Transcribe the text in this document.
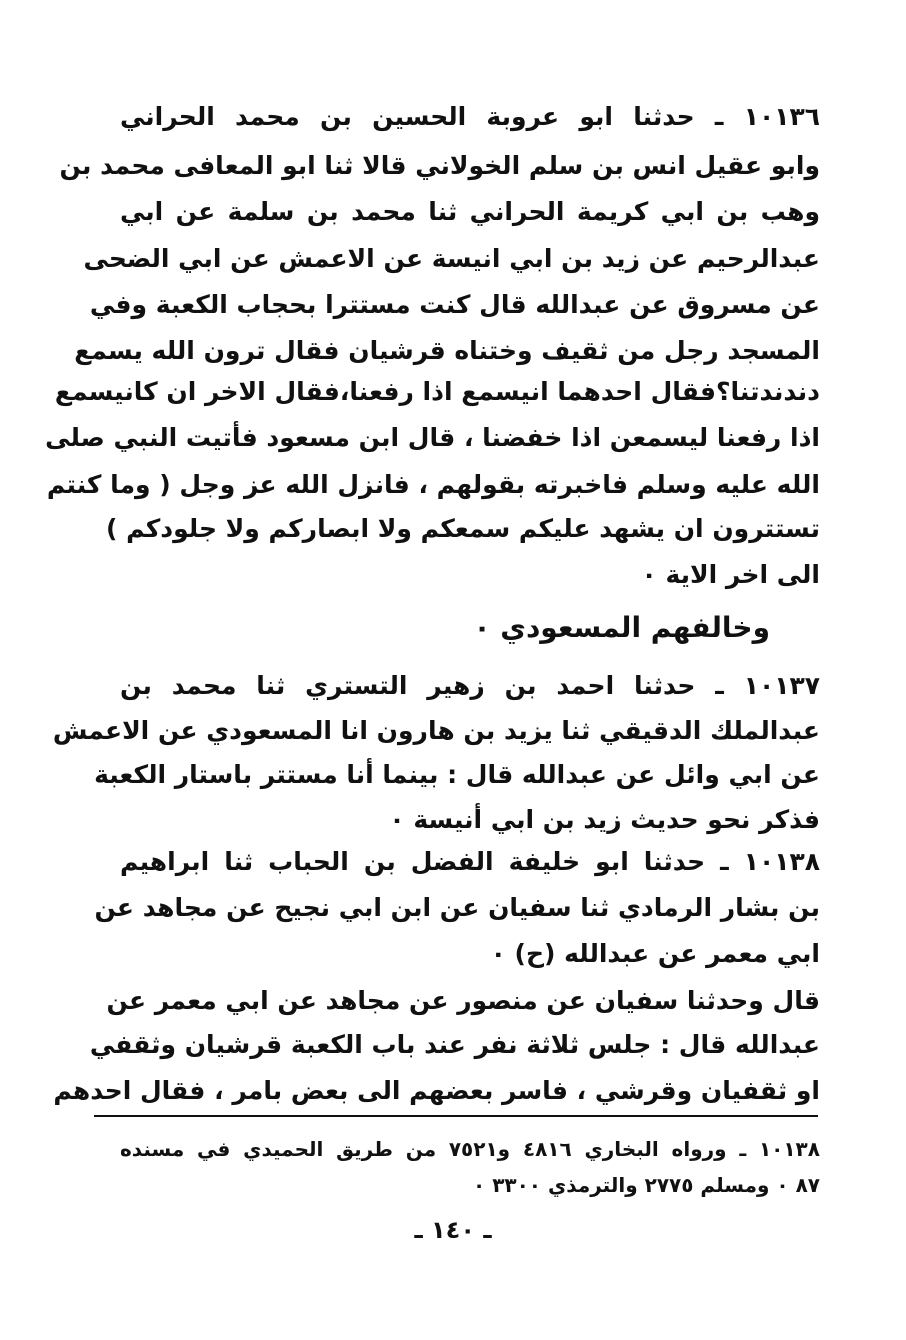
١٠١٣٦ ـ حدثنا ابو عروبة الحسين بن محمد الحراني
وابو عقيل انس بن سلم الخولاني قالا ثنا ابو المعافى محمد بن
وهب بن ابي كريمة الحراني ثنا محمد بن سلمة عن ابي
عبدالرحيم عن زيد بن ابي انيسة عن الاعمش عن ابي الضحى
عن مسروق عن عبدالله قال كنت مستترا بحجاب الكعبة وفي
المسجد رجل من ثقيف وختناه قرشيان فقال ترون الله يسمع
دندندتنا؟فقال احدهما انيسمع اذا رفعنا،فقال الاخر ان كانيسمع
اذا رفعنا ليسمعن اذا خفضنا ، قال ابن مسعود فأتيت النبي صلى
الله عليه وسلم فاخبرته بقولهم ، فانزل الله عز وجل ( وما كنتم
تستترون ان يشهد عليكم سمعكم ولا ابصاركم ولا جلودكم )
الى اخر الاية ٠
وخالفهم المسعودي ٠
١٠١٣٧ ـ حدثنا احمد بن زهير التستري ثنا محمد بن
عبدالملك الدقيقي ثنا يزيد بن هارون انا المسعودي عن الاعمش
عن ابي وائل عن عبدالله قال : بينما أنا مستتر باستار الكعبة
فذكر نحو حديث زيد بن ابي أنيسة ٠
١٠١٣٨ ـ حدثنا ابو خليفة الفضل بن الحباب ثنا ابراهيم
بن بشار الرمادي ثنا سفيان عن ابن ابي نجيح عن مجاهد عن
ابي معمر عن عبدالله (ح) ٠
قال وحدثنا سفيان عن منصور عن مجاهد عن ابي معمر عن
عبدالله قال : جلس ثلاثة نفر عند باب الكعبة قرشيان وثقفي
او ثقفيان وقرشي ، فاسر بعضهم الى بعض بامر ، فقال احدهم
١٠١٣٨ ـ ورواه البخاري ٤٨١٦ و٧٥٢١ من طريق الحميدي في مسنده
٨٧ ٠ ومسلم ٢٧٧٥ والترمذي ٣٣٠٠ ٠
ـ ١٤٠ ـ
